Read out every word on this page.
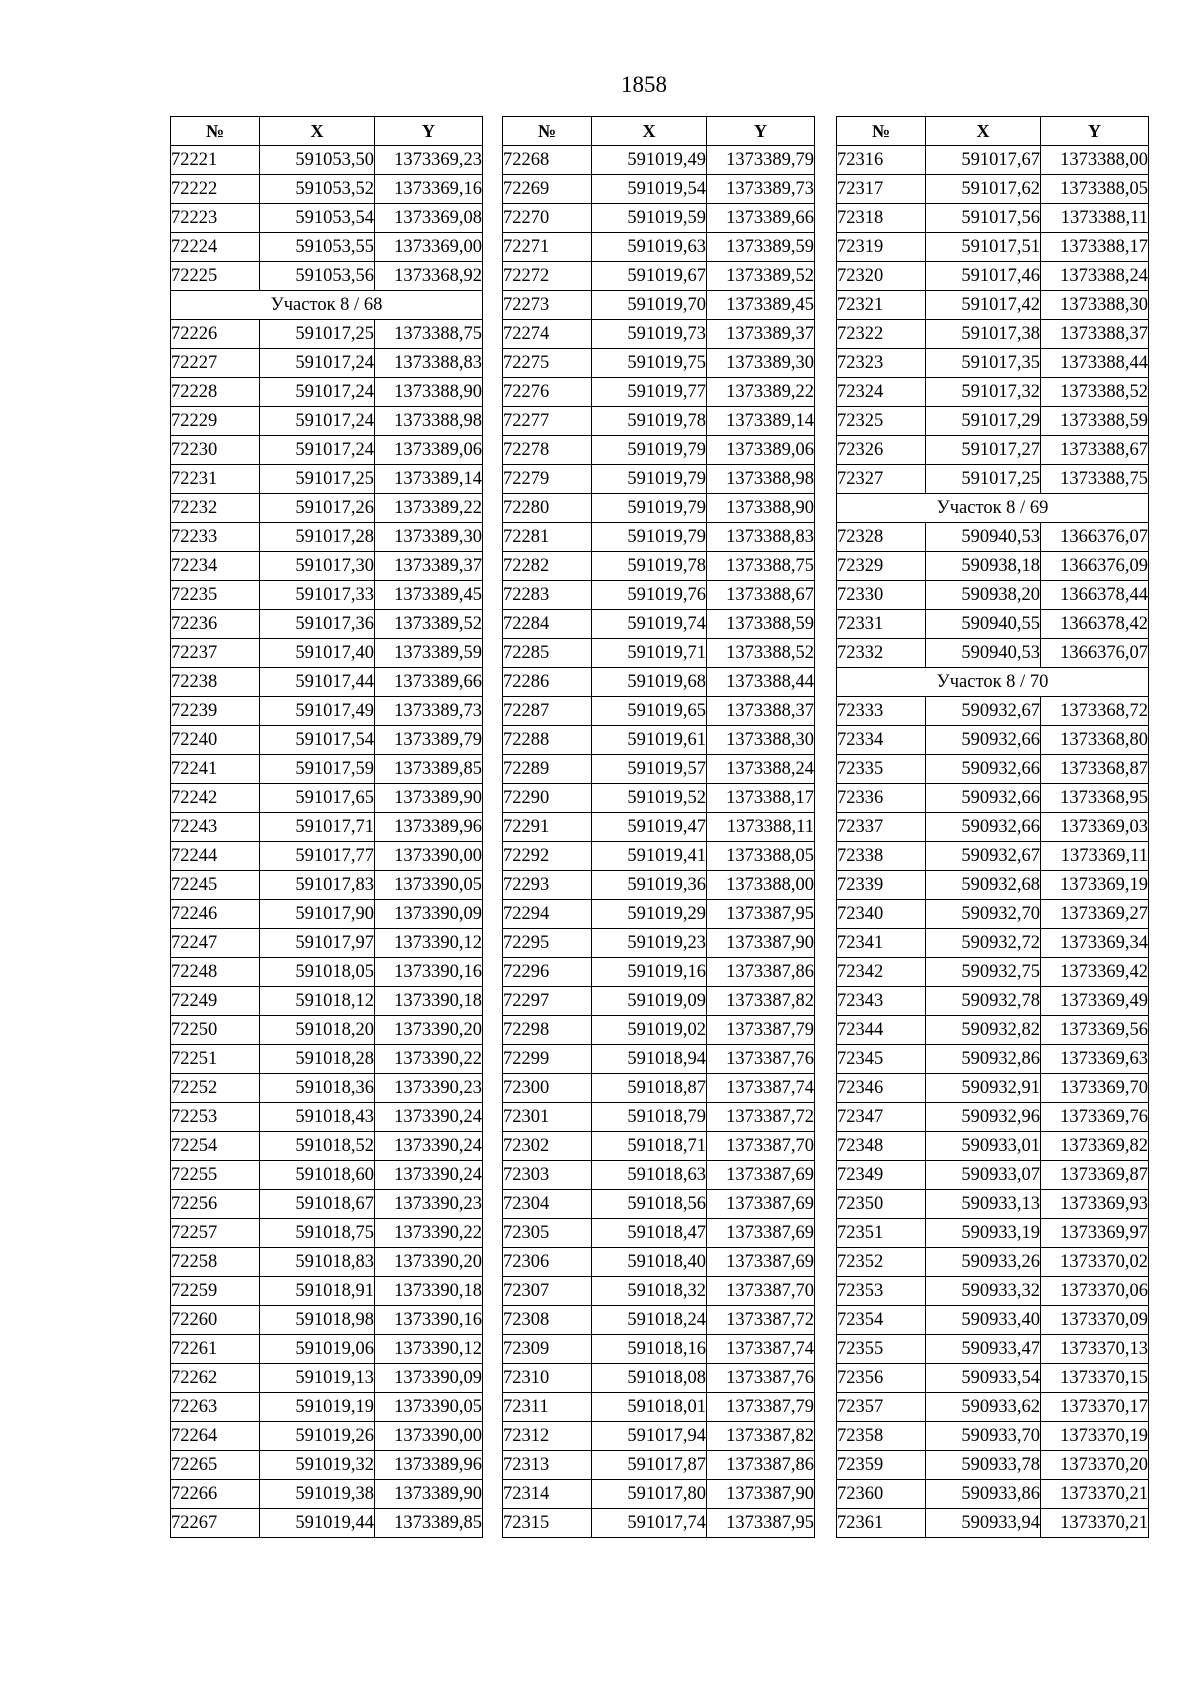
1858
№	X	Y
72221	591053,50	1373369,23
72222	591053,52	1373369,16
72223	591053,54	1373369,08
72224	591053,55	1373369,00
72225	591053,56	1373368,92
Участок 8 / 68		
72226	591017,25	1373388,75
72227	591017,24	1373388,83
72228	591017,24	1373388,90
72229	591017,24	1373388,98
72230	591017,24	1373389,06
72231	591017,25	1373389,14
72232	591017,26	1373389,22
72233	591017,28	1373389,30
72234	591017,30	1373389,37
72235	591017,33	1373389,45
72236	591017,36	1373389,52
72237	591017,40	1373389,59
72238	591017,44	1373389,66
72239	591017,49	1373389,73
72240	591017,54	1373389,79
72241	591017,59	1373389,85
72242	591017,65	1373389,90
72243	591017,71	1373389,96
72244	591017,77	1373390,00
72245	591017,83	1373390,05
72246	591017,90	1373390,09
72247	591017,97	1373390,12
72248	591018,05	1373390,16
72249	591018,12	1373390,18
72250	591018,20	1373390,20
72251	591018,28	1373390,22
72252	591018,36	1373390,23
72253	591018,43	1373390,24
72254	591018,52	1373390,24
72255	591018,60	1373390,24
72256	591018,67	1373390,23
72257	591018,75	1373390,22
72258	591018,83	1373390,20
72259	591018,91	1373390,18
72260	591018,98	1373390,16
72261	591019,06	1373390,12
72262	591019,13	1373390,09
72263	591019,19	1373390,05
72264	591019,26	1373390,00
72265	591019,32	1373389,96
72266	591019,38	1373389,90
72267	591019,44	1373389,85
№	X	Y
72268	591019,49	1373389,79
72269	591019,54	1373389,73
72270	591019,59	1373389,66
72271	591019,63	1373389,59
72272	591019,67	1373389,52
72273	591019,70	1373389,45
72274	591019,73	1373389,37
72275	591019,75	1373389,30
72276	591019,77	1373389,22
72277	591019,78	1373389,14
72278	591019,79	1373389,06
72279	591019,79	1373388,98
72280	591019,79	1373388,90
72281	591019,79	1373388,83
72282	591019,78	1373388,75
72283	591019,76	1373388,67
72284	591019,74	1373388,59
72285	591019,71	1373388,52
72286	591019,68	1373388,44
72287	591019,65	1373388,37
72288	591019,61	1373388,30
72289	591019,57	1373388,24
72290	591019,52	1373388,17
72291	591019,47	1373388,11
72292	591019,41	1373388,05
72293	591019,36	1373388,00
72294	591019,29	1373387,95
72295	591019,23	1373387,90
72296	591019,16	1373387,86
72297	591019,09	1373387,82
72298	591019,02	1373387,79
72299	591018,94	1373387,76
72300	591018,87	1373387,74
72301	591018,79	1373387,72
72302	591018,71	1373387,70
72303	591018,63	1373387,69
72304	591018,56	1373387,69
72305	591018,47	1373387,69
72306	591018,40	1373387,69
72307	591018,32	1373387,70
72308	591018,24	1373387,72
72309	591018,16	1373387,74
72310	591018,08	1373387,76
72311	591018,01	1373387,79
72312	591017,94	1373387,82
72313	591017,87	1373387,86
72314	591017,80	1373387,90
72315	591017,74	1373387,95
№	X	Y
72316	591017,67	1373388,00
72317	591017,62	1373388,05
72318	591017,56	1373388,11
72319	591017,51	1373388,17
72320	591017,46	1373388,24
72321	591017,42	1373388,30
72322	591017,38	1373388,37
72323	591017,35	1373388,44
72324	591017,32	1373388,52
72325	591017,29	1373388,59
72326	591017,27	1373388,67
72327	591017,25	1373388,75
Участок 8 / 69		
72328	590940,53	1366376,07
72329	590938,18	1366376,09
72330	590938,20	1366378,44
72331	590940,55	1366378,42
72332	590940,53	1366376,07
Участок 8 / 70		
72333	590932,67	1373368,72
72334	590932,66	1373368,80
72335	590932,66	1373368,87
72336	590932,66	1373368,95
72337	590932,66	1373369,03
72338	590932,67	1373369,11
72339	590932,68	1373369,19
72340	590932,70	1373369,27
72341	590932,72	1373369,34
72342	590932,75	1373369,42
72343	590932,78	1373369,49
72344	590932,82	1373369,56
72345	590932,86	1373369,63
72346	590932,91	1373369,70
72347	590932,96	1373369,76
72348	590933,01	1373369,82
72349	590933,07	1373369,87
72350	590933,13	1373369,93
72351	590933,19	1373369,97
72352	590933,26	1373370,02
72353	590933,32	1373370,06
72354	590933,40	1373370,09
72355	590933,47	1373370,13
72356	590933,54	1373370,15
72357	590933,62	1373370,17
72358	590933,70	1373370,19
72359	590933,78	1373370,20
72360	590933,86	1373370,21
72361	590933,94	1373370,21
